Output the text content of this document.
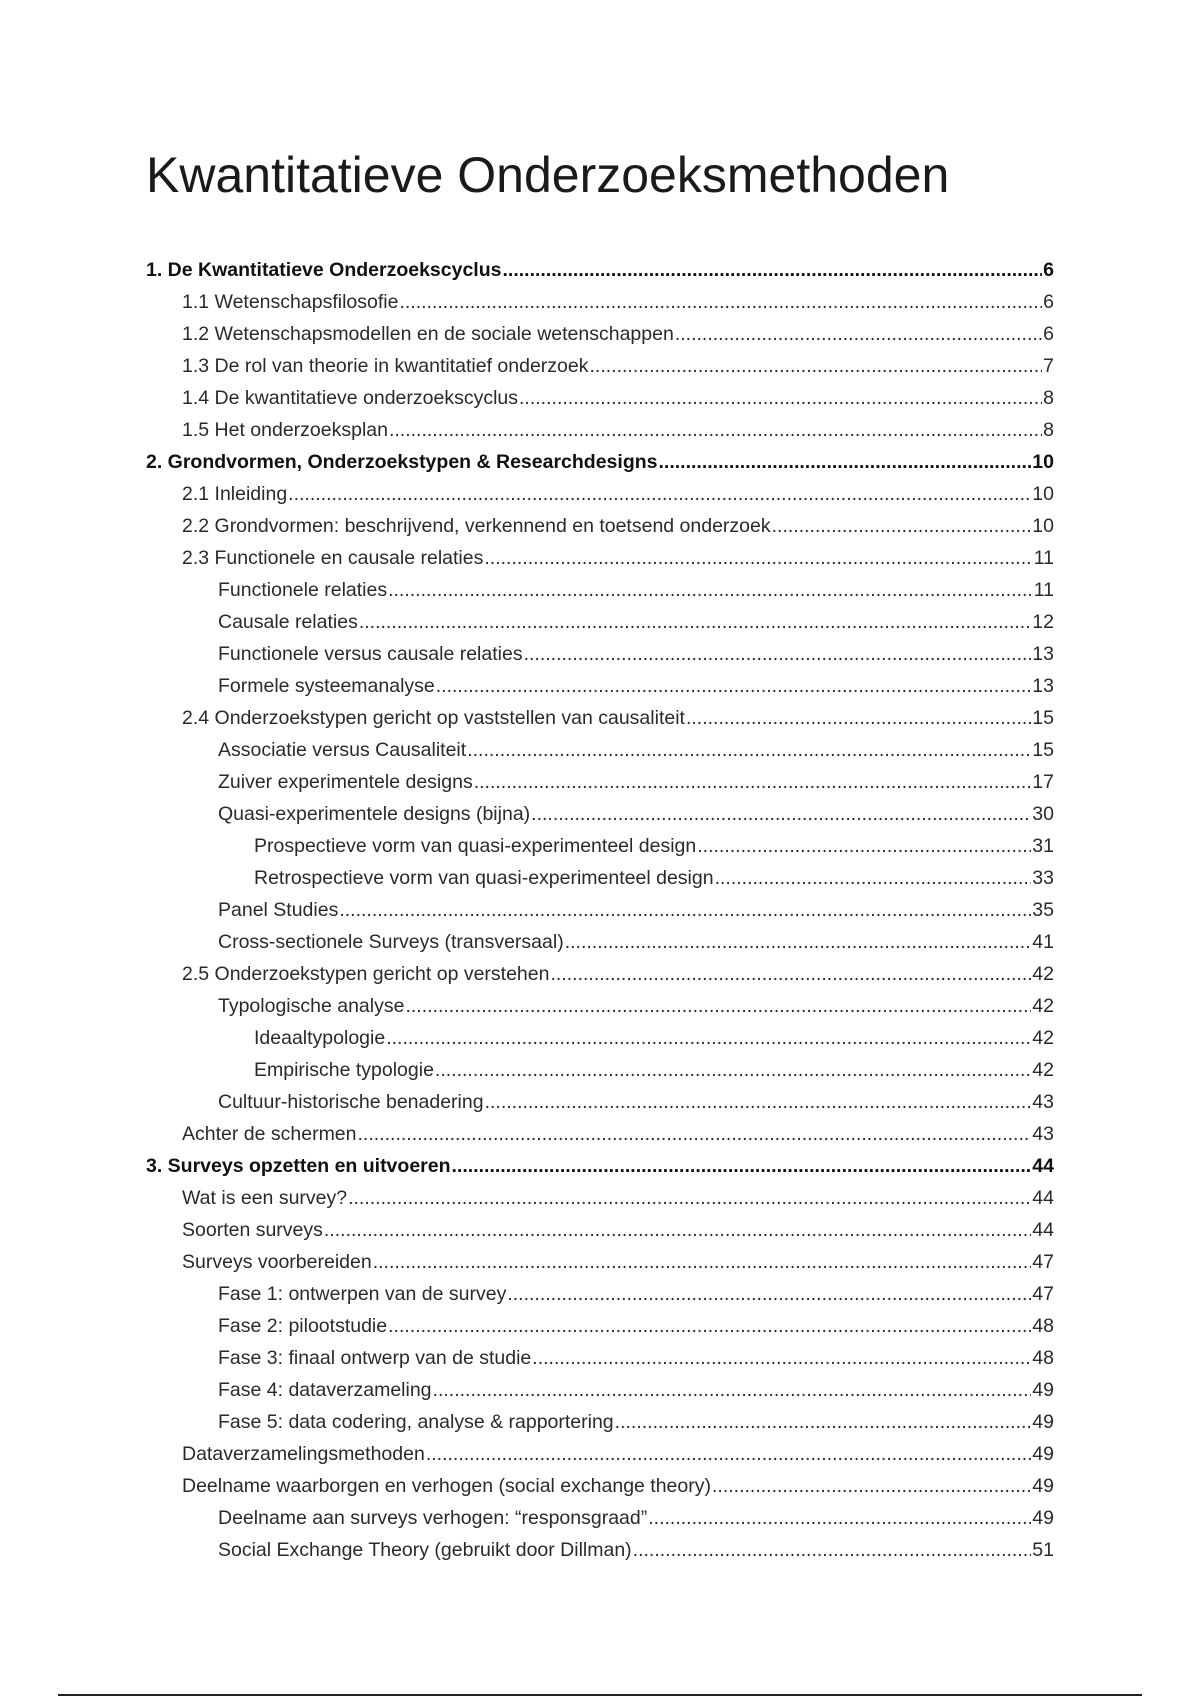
Kwantitatieve Onderzoeksmethoden
1. De Kwantitatieve Onderzoekscyclus .....	6
1.1 Wetenschapsfilosofie .....	6
1.2 Wetenschapsmodellen en de sociale wetenschappen .....	6
1.3 De rol van theorie in kwantitatief onderzoek .....	7
1.4 De kwantitatieve onderzoekscyclus .....	8
1.5 Het onderzoeksplan .....	8
2. Grondvormen, Onderzoekstypen & Researchdesigns .....	10
2.1 Inleiding .....	10
2.2 Grondvormen: beschrijvend, verkennend en toetsend onderzoek .....	10
2.3 Functionele en causale relaties .....	11
Functionele relaties .....	11
Causale relaties .....	12
Functionele versus causale relaties .....	13
Formele systeemanalyse .....	13
2.4 Onderzoekstypen gericht op vaststellen van causaliteit .....	15
Associatie versus Causaliteit .....	15
Zuiver experimentele designs .....	17
Quasi-experimentele designs (bijna) .....	30
Prospectieve vorm van quasi-experimenteel design .....	31
Retrospectieve vorm van quasi-experimenteel design .....	33
Panel Studies .....	35
Cross-sectionele Surveys (transversaal) .....	41
2.5 Onderzoekstypen gericht op verstehen .....	42
Typologische analyse .....	42
Ideaaltypologie .....	42
Empirische typologie .....	42
Cultuur-historische benadering .....	43
Achter de schermen .....	43
3. Surveys opzetten en uitvoeren .....	44
Wat is een survey? .....	44
Soorten surveys .....	44
Surveys voorbereiden .....	47
Fase 1: ontwerpen van de survey .....	47
Fase 2: pilootstudie .....	48
Fase 3: finaal ontwerp van de studie .....	48
Fase 4: dataverzameling .....	49
Fase 5: data codering, analyse & rapportering .....	49
Dataverzamelingsmethoden .....	49
Deelname waarborgen en verhogen (social exchange theory) .....	49
Deelname aan surveys verhogen: “responsgraad” .....	49
Social Exchange Theory (gebruikt door Dillman) .....	51
